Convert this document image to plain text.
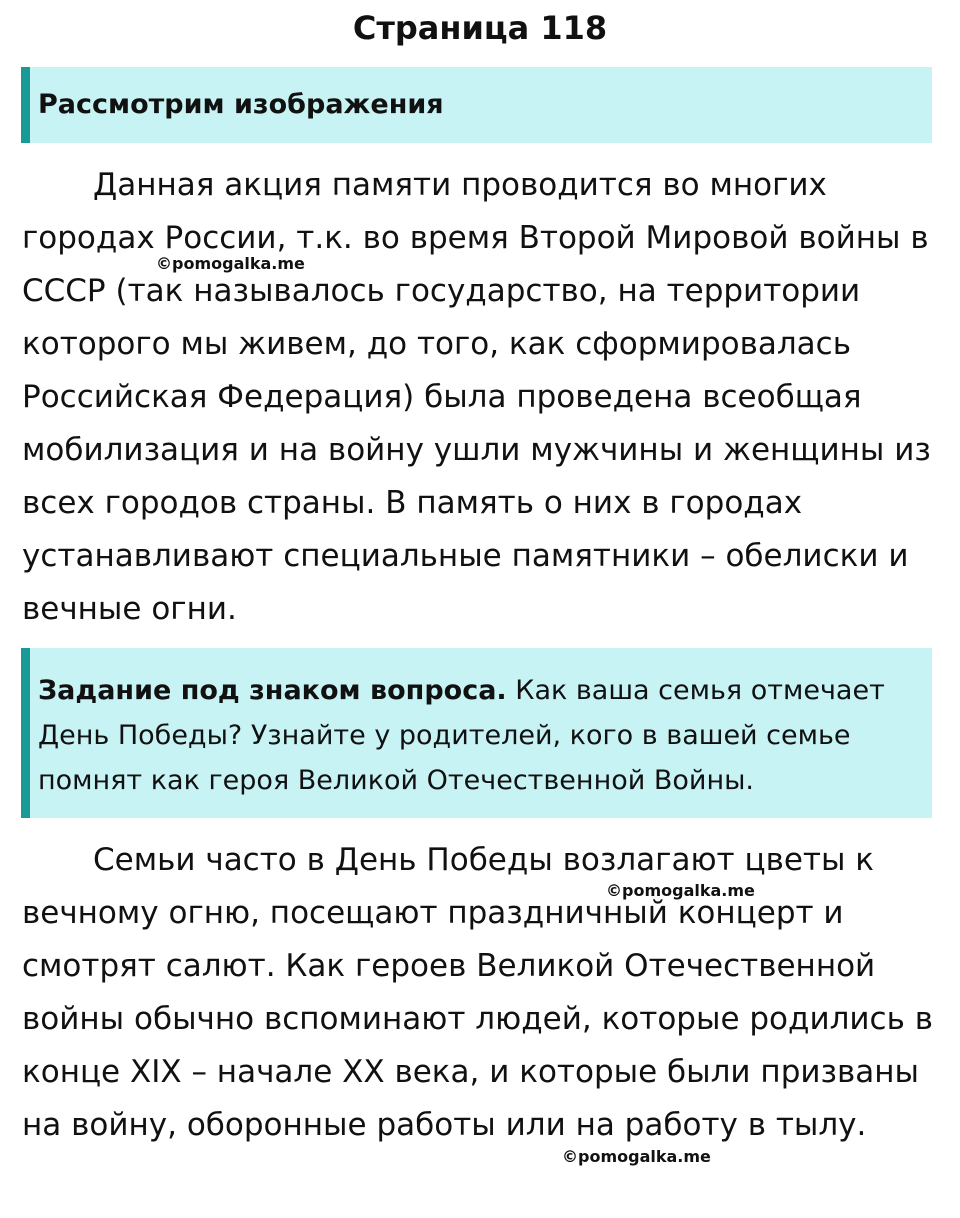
Страница 118
Рассмотрим изображения

Данная акция памяти проводится во многих городах России, т.к. во время Второй Мировой войны в СССР (так называлось государство, на территории которого мы живем, до того, как сформировалась Российская Федерация) была проведена всеобщая мобилизация и на войну ушли мужчины и женщины из всех городов страны. В память о них в городах устанавливают специальные памятники – обелиски и вечные огни.

©pomogalka.me
Задание под знаком вопроса. Как ваша семья отмечает День Победы? Узнайте у родителей, кого в вашей семье помнят как героя Великой Отечественной Войны.

Семьи часто в День Победы возлагают цветы к вечному огню, посещают праздничный концерт и смотрят салют. Как героев Великой Отечественной войны обычно вспоминают людей, которые родились в конце XIX – начале XX века, и которые были призваны на войну, оборонные работы или на работу в тылу.

©pomogalka.me
©pomogalka.me
